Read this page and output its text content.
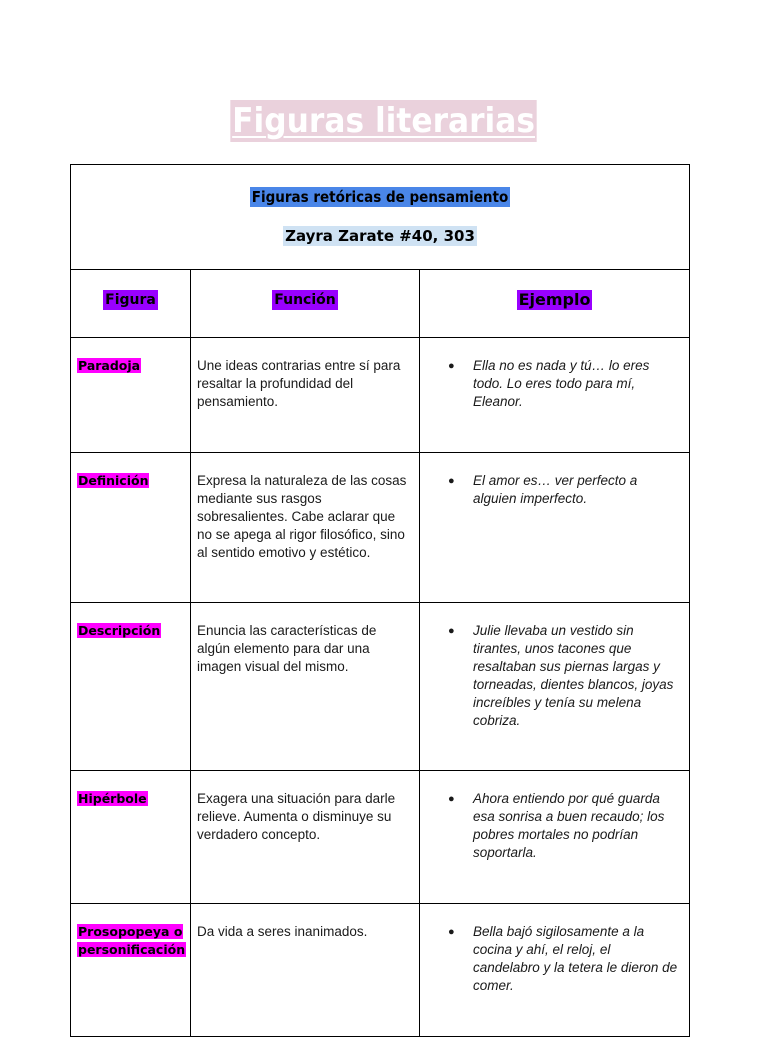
Figuras literarias
Figuras retóricas de pensamiento
Zayra Zarate #40, 303		

Figura	Función	Ejemplo
Paradoja	Une ideas contrarias entre sí para resaltar la profundidad del pensamiento.	● Ella no es nada y tú… lo eres todo. Lo eres todo para mí, Eleanor.

Definición	Expresa la naturaleza de las cosas mediante sus rasgos sobresalientes. Cabe aclarar que no se apega al rigor filosófico, sino al sentido emotivo y estético.	● El amor es… ver perfecto a alguien imperfecto.

Descripción	Enuncia las características de algún elemento para dar una imagen visual del mismo.	● Julie llevaba un vestido sin tirantes, unos tacones que resaltaban sus piernas largas y torneadas, dientes blancos, joyas increíbles y tenía su melena cobriza.

Hipérbole	Exagera una situación para darle relieve. Aumenta o disminuye su verdadero concepto.	● Ahora entiendo por qué guarda esa sonrisa a buen recaudo; los pobres mortales no podrían soportarla.

Prosopopeya o personificación	Da vida a seres inanimados.	● Bella bajó sigilosamente a la cocina y ahí, el reloj, el candelabro y la tetera le dieron de comer.
